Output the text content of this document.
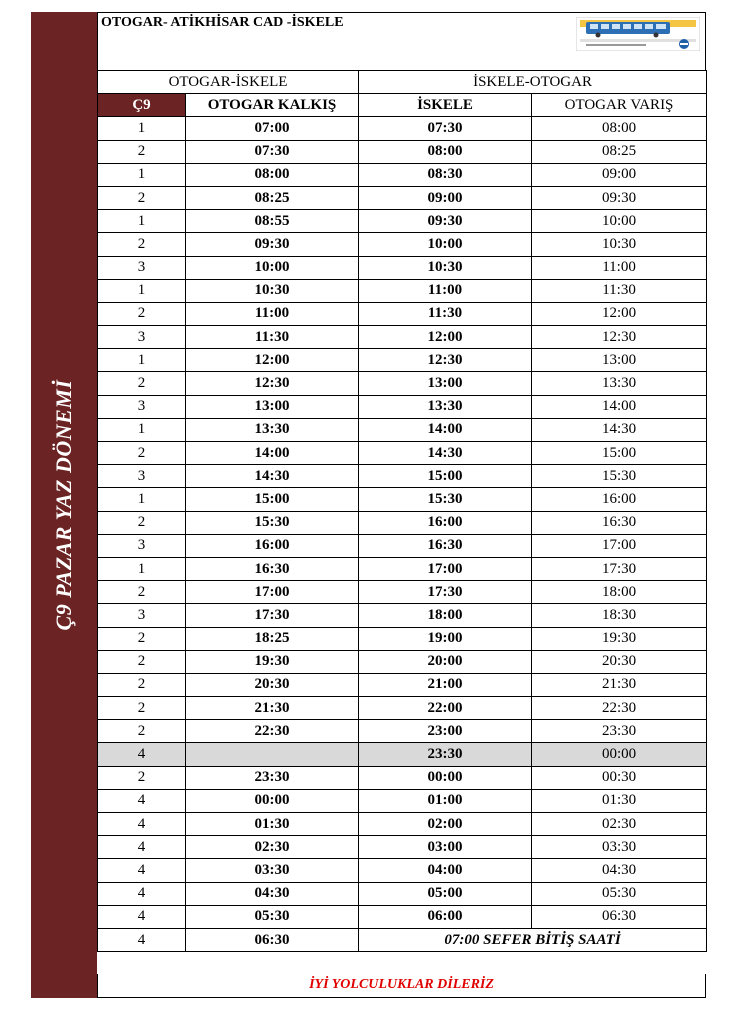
Ç9 PAZAR YAZ DÖNEMİ
OTOGAR- ATİKHİSAR CAD -İSKELE
OTOGAR-İSKELE		İSKELE-OTOGAR	
Ç9	OTOGAR KALKIŞ	İSKELE	OTOGAR VARIŞ
1	07:00	07:30	08:00
2	07:30	08:00	08:25
1	08:00	08:30	09:00
2	08:25	09:00	09:30
1	08:55	09:30	10:00
2	09:30	10:00	10:30
3	10:00	10:30	11:00
1	10:30	11:00	11:30
2	11:00	11:30	12:00
3	11:30	12:00	12:30
1	12:00	12:30	13:00
2	12:30	13:00	13:30
3	13:00	13:30	14:00
1	13:30	14:00	14:30
2	14:00	14:30	15:00
3	14:30	15:00	15:30
1	15:00	15:30	16:00
2	15:30	16:00	16:30
3	16:00	16:30	17:00
1	16:30	17:00	17:30
2	17:00	17:30	18:00
3	17:30	18:00	18:30
2	18:25	19:00	19:30
2	19:30	20:00	20:30
2	20:30	21:00	21:30
2	21:30	22:00	22:30
2	22:30	23:00	23:30
4		23:30	00:00
2	23:30	00:00	00:30
4	00:00	01:00	01:30
4	01:30	02:00	02:30
4	02:30	03:00	03:30
4	03:30	04:00	04:30
4	04:30	05:00	05:30
4	05:30	06:00	06:30
4	06:30	07:00 SEFER BİTİŞ SAATİ	
İYİ YOLCULUKLAR DİLERİZ
